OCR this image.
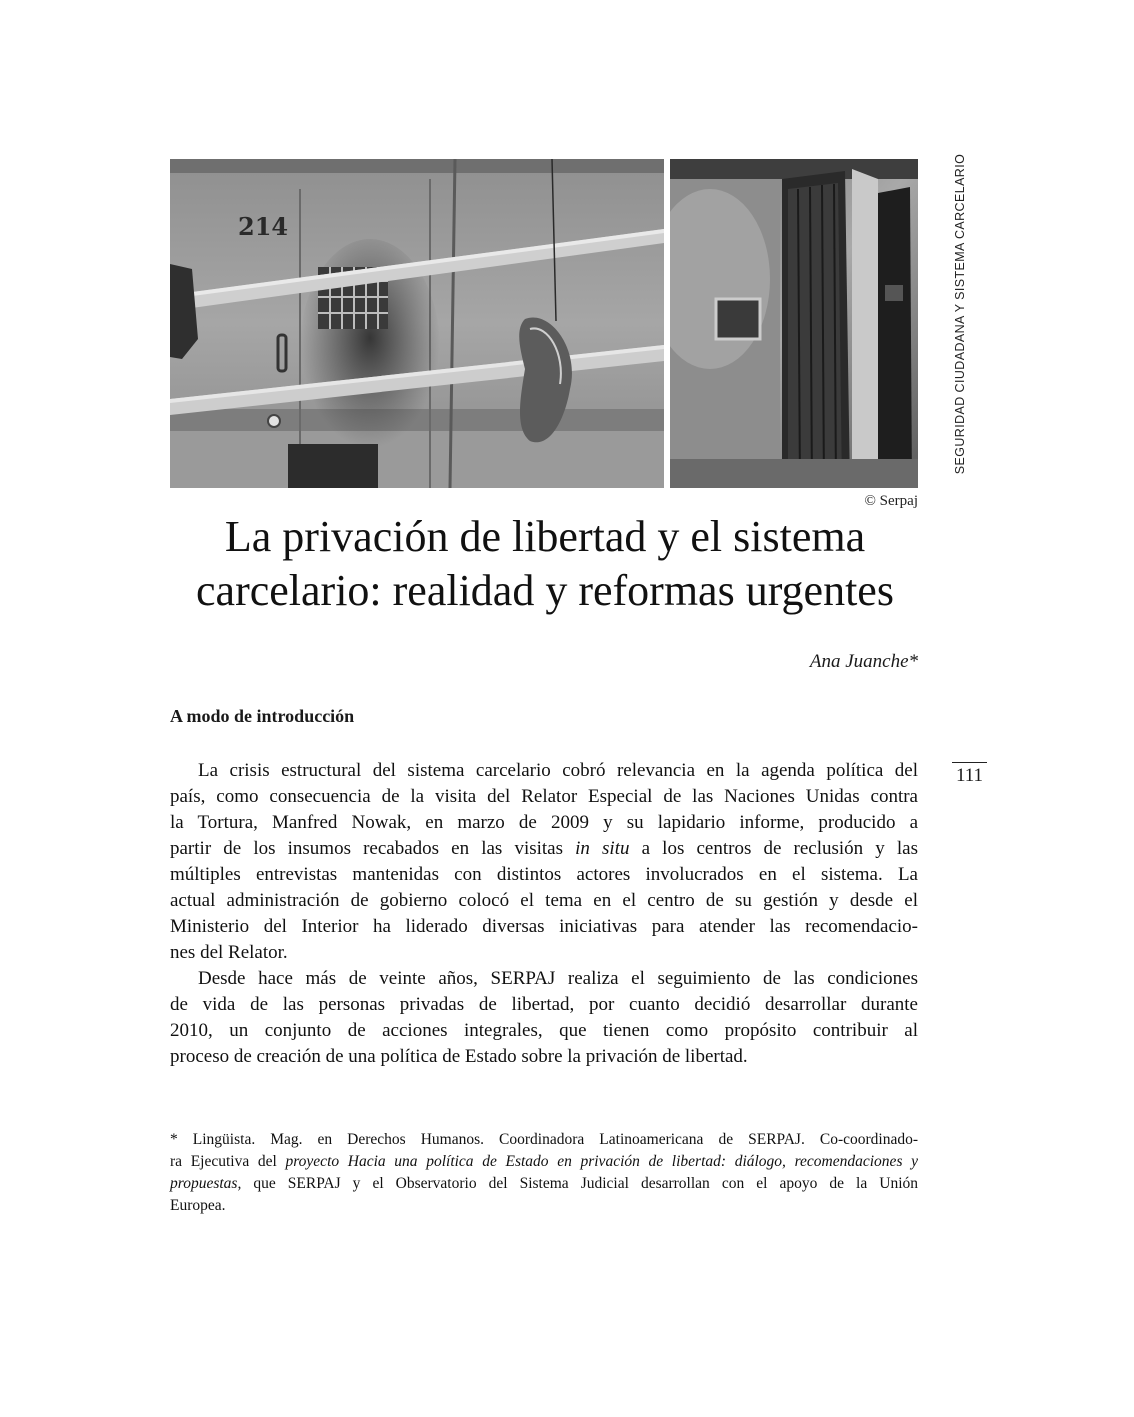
214
© Serpaj
SEGURIDAD CIUDADANA Y SISTEMA CARCELARIO
La privación de libertad y el sistema
carcelario: realidad y reformas urgentes
Ana Juanche*
A modo de introducción
111

La crisis estructural del sistema carcelario cobró relevancia en la agenda política del
país, como consecuencia de la visita del Relator Especial de las Naciones Unidas contra
la Tortura, Manfred Nowak, en marzo de 2009 y su lapidario informe, producido a
partir de los insumos recabados en las visitas in situ a los centros de reclusión y las
múltiples entrevistas mantenidas con distintos actores involucrados en el sistema. La
actual administración de gobierno colocó el tema en el centro de su gestión y desde el
Ministerio del Interior ha liderado diversas iniciativas para atender las recomendacio-
nes del Relator.

Desde hace más de veinte años, SERPAJ realiza el seguimiento de las condiciones
de vida de las personas privadas de libertad, por cuanto decidió desarrollar durante
2010, un conjunto de acciones integrales, que tienen como propósito contribuir al
proceso de creación de una política de Estado sobre la privación de libertad.

* Lingüista. Mag. en Derechos Humanos. Coordinadora Latinoamericana de SERPAJ. Co-coordinado-
ra Ejecutiva del proyecto Hacia una política de Estado en privación de libertad: diálogo, recomendaciones y
propuestas, que SERPAJ y el Observatorio del Sistema Judicial desarrollan con el apoyo de la Unión
Europea.
